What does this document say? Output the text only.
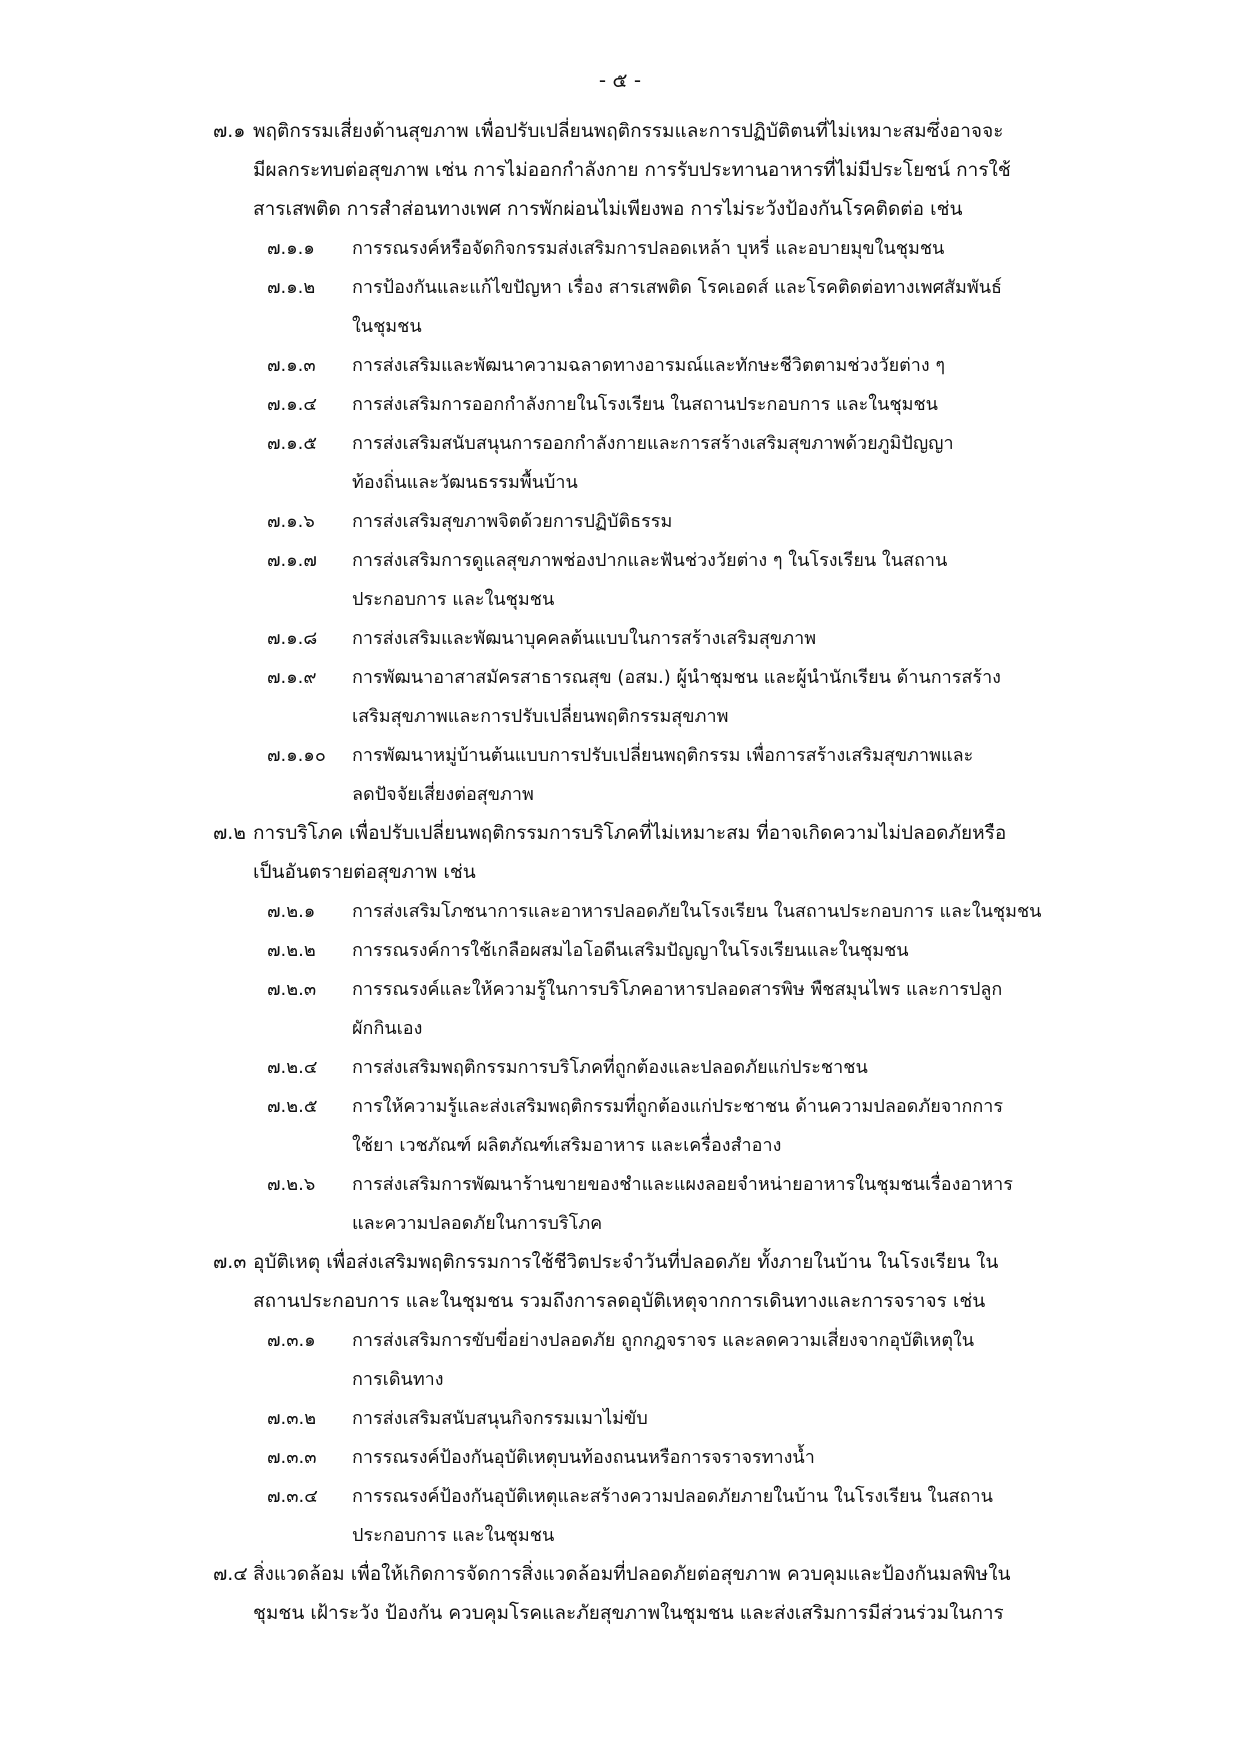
- ๕ -
๗.๑ พฤติกรรมเสี่ยงด้านสุขภาพ เพื่อปรับเปลี่ยนพฤติกรรมและการปฏิบัติตนที่ไม่เหมาะสมซึ่งอาจจะ
มีผลกระทบต่อสุขภาพ เช่น การไม่ออกกำลังกาย การรับประทานอาหารที่ไม่มีประโยชน์ การใช้
สารเสพติด การสำส่อนทางเพศ การพักผ่อนไม่เพียงพอ การไม่ระวังป้องกันโรคติดต่อ เช่น
๗.๑.๑	การรณรงค์หรือจัดกิจกรรมส่งเสริมการปลอดเหล้า บุหรี่ และอบายมุขในชุมชน
๗.๑.๒	การป้องกันและแก้ไขปัญหา เรื่อง สารเสพติด โรคเอดส์ และโรคติดต่อทางเพศสัมพันธ์
ในชุมชน
๗.๑.๓	การส่งเสริมและพัฒนาความฉลาดทางอารมณ์และทักษะชีวิตตามช่วงวัยต่าง ๆ
๗.๑.๔	การส่งเสริมการออกกำลังกายในโรงเรียน ในสถานประกอบการ และในชุมชน
๗.๑.๕	การส่งเสริมสนับสนุนการออกกำลังกายและการสร้างเสริมสุขภาพด้วยภูมิปัญญา
ท้องถิ่นและวัฒนธรรมพื้นบ้าน
๗.๑.๖	การส่งเสริมสุขภาพจิตด้วยการปฏิบัติธรรม
๗.๑.๗	การส่งเสริมการดูแลสุขภาพช่องปากและฟันช่วงวัยต่าง ๆ ในโรงเรียน ในสถาน
ประกอบการ และในชุมชน
๗.๑.๘	การส่งเสริมและพัฒนาบุคคลต้นแบบในการสร้างเสริมสุขภาพ
๗.๑.๙	การพัฒนาอาสาสมัครสาธารณสุข (อสม.) ผู้นำชุมชน และผู้นำนักเรียน ด้านการสร้าง
เสริมสุขภาพและการปรับเปลี่ยนพฤติกรรมสุขภาพ
๗.๑.๑๐	การพัฒนาหมู่บ้านต้นแบบการปรับเปลี่ยนพฤติกรรม เพื่อการสร้างเสริมสุขภาพและ
ลดปัจจัยเสี่ยงต่อสุขภาพ
๗.๒ การบริโภค เพื่อปรับเปลี่ยนพฤติกรรมการบริโภคที่ไม่เหมาะสม ที่อาจเกิดความไม่ปลอดภัยหรือ
เป็นอันตรายต่อสุขภาพ เช่น
๗.๒.๑	การส่งเสริมโภชนาการและอาหารปลอดภัยในโรงเรียน ในสถานประกอบการ และในชุมชน
๗.๒.๒	การรณรงค์การใช้เกลือผสมไอโอดีนเสริมปัญญาในโรงเรียนและในชุมชน
๗.๒.๓	การรณรงค์และให้ความรู้ในการบริโภคอาหารปลอดสารพิษ พืชสมุนไพร และการปลูก
ผักกินเอง
๗.๒.๔	การส่งเสริมพฤติกรรมการบริโภคที่ถูกต้องและปลอดภัยแก่ประชาชน
๗.๒.๕	การให้ความรู้และส่งเสริมพฤติกรรมที่ถูกต้องแก่ประชาชน ด้านความปลอดภัยจากการ
ใช้ยา เวชภัณฑ์ ผลิตภัณฑ์เสริมอาหาร และเครื่องสำอาง
๗.๒.๖	การส่งเสริมการพัฒนาร้านขายของชำและแผงลอยจำหน่ายอาหารในชุมชนเรื่องอาหาร
และความปลอดภัยในการบริโภค
๗.๓ อุบัติเหตุ เพื่อส่งเสริมพฤติกรรมการใช้ชีวิตประจำวันที่ปลอดภัย ทั้งภายในบ้าน ในโรงเรียน ใน
สถานประกอบการ และในชุมชน รวมถึงการลดอุบัติเหตุจากการเดินทางและการจราจร เช่น
๗.๓.๑	การส่งเสริมการขับขี่อย่างปลอดภัย ถูกกฎจราจร และลดความเสี่ยงจากอุบัติเหตุใน
การเดินทาง
๗.๓.๒	การส่งเสริมสนับสนุนกิจกรรมเมาไม่ขับ
๗.๓.๓	การรณรงค์ป้องกันอุบัติเหตุบนท้องถนนหรือการจราจรทางน้ำ
๗.๓.๔	การรณรงค์ป้องกันอุบัติเหตุและสร้างความปลอดภัยภายในบ้าน ในโรงเรียน ในสถาน
ประกอบการ และในชุมชน
๗.๔ สิ่งแวดล้อม เพื่อให้เกิดการจัดการสิ่งแวดล้อมที่ปลอดภัยต่อสุขภาพ ควบคุมและป้องกันมลพิษใน
ชุมชน เฝ้าระวัง ป้องกัน ควบคุมโรคและภัยสุขภาพในชุมชน และส่งเสริมการมีส่วนร่วมในการ
